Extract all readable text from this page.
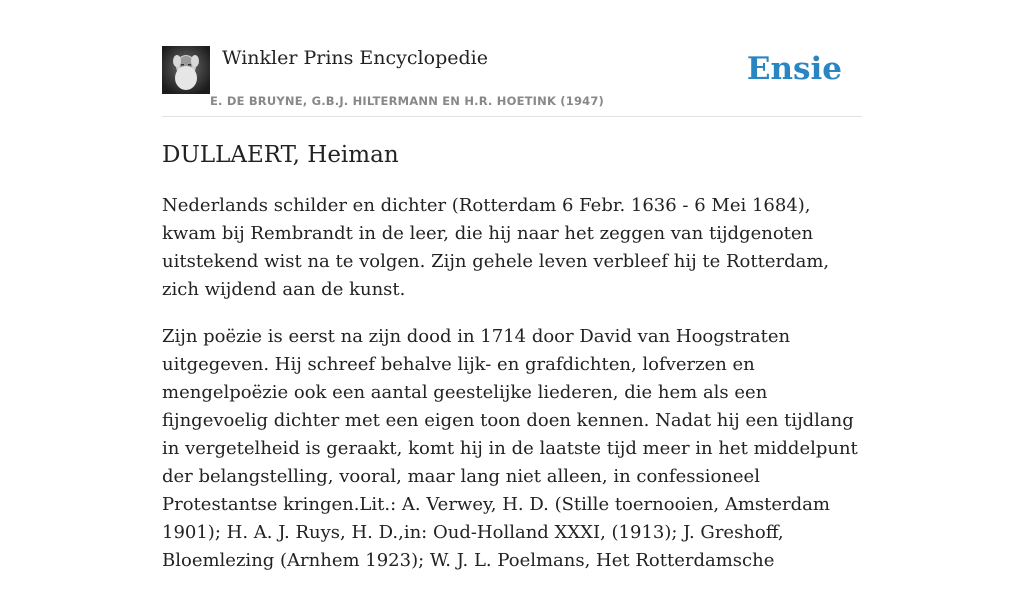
Winkler Prins Encyclopedie
E. DE BRUYNE, G.B.J. HILTERMANN EN H.R. HOETINK (1947)
Ensie
DULLAERT, Heiman

Nederlands schilder en dichter (Rotterdam 6 Febr. 1636 - 6 Mei 1684), kwam bij Rembrandt in de leer, die hij naar het zeggen van tijdgenoten uitstekend wist na te volgen. Zijn gehele leven verbleef hij te Rotterdam, zich wijdend aan de kunst.

Zijn poëzie is eerst na zijn dood in 1714 door David van Hoogstraten uitgegeven. Hij schreef behalve lijk- en grafdichten, lofverzen en mengelpoëzie ook een aantal geestelijke liederen, die hem als een fijngevoelig dichter met een eigen toon doen kennen. Nadat hij een tijdlang in vergetelheid is geraakt, komt hij in de laatste tijd meer in het middelpunt der belangstelling, vooral, maar lang niet alleen, in confessioneel Protestantse kringen.Lit.: A. Verwey, H. D. (Stille toernooien, Amsterdam 1901); H. A. J. Ruys, H. D.,in: Oud-Holland XXXI, (1913); J. Greshoff, Bloemlezing (Arnhem 1923); W. J. L. Poelmans, Het Rotterdamsche
